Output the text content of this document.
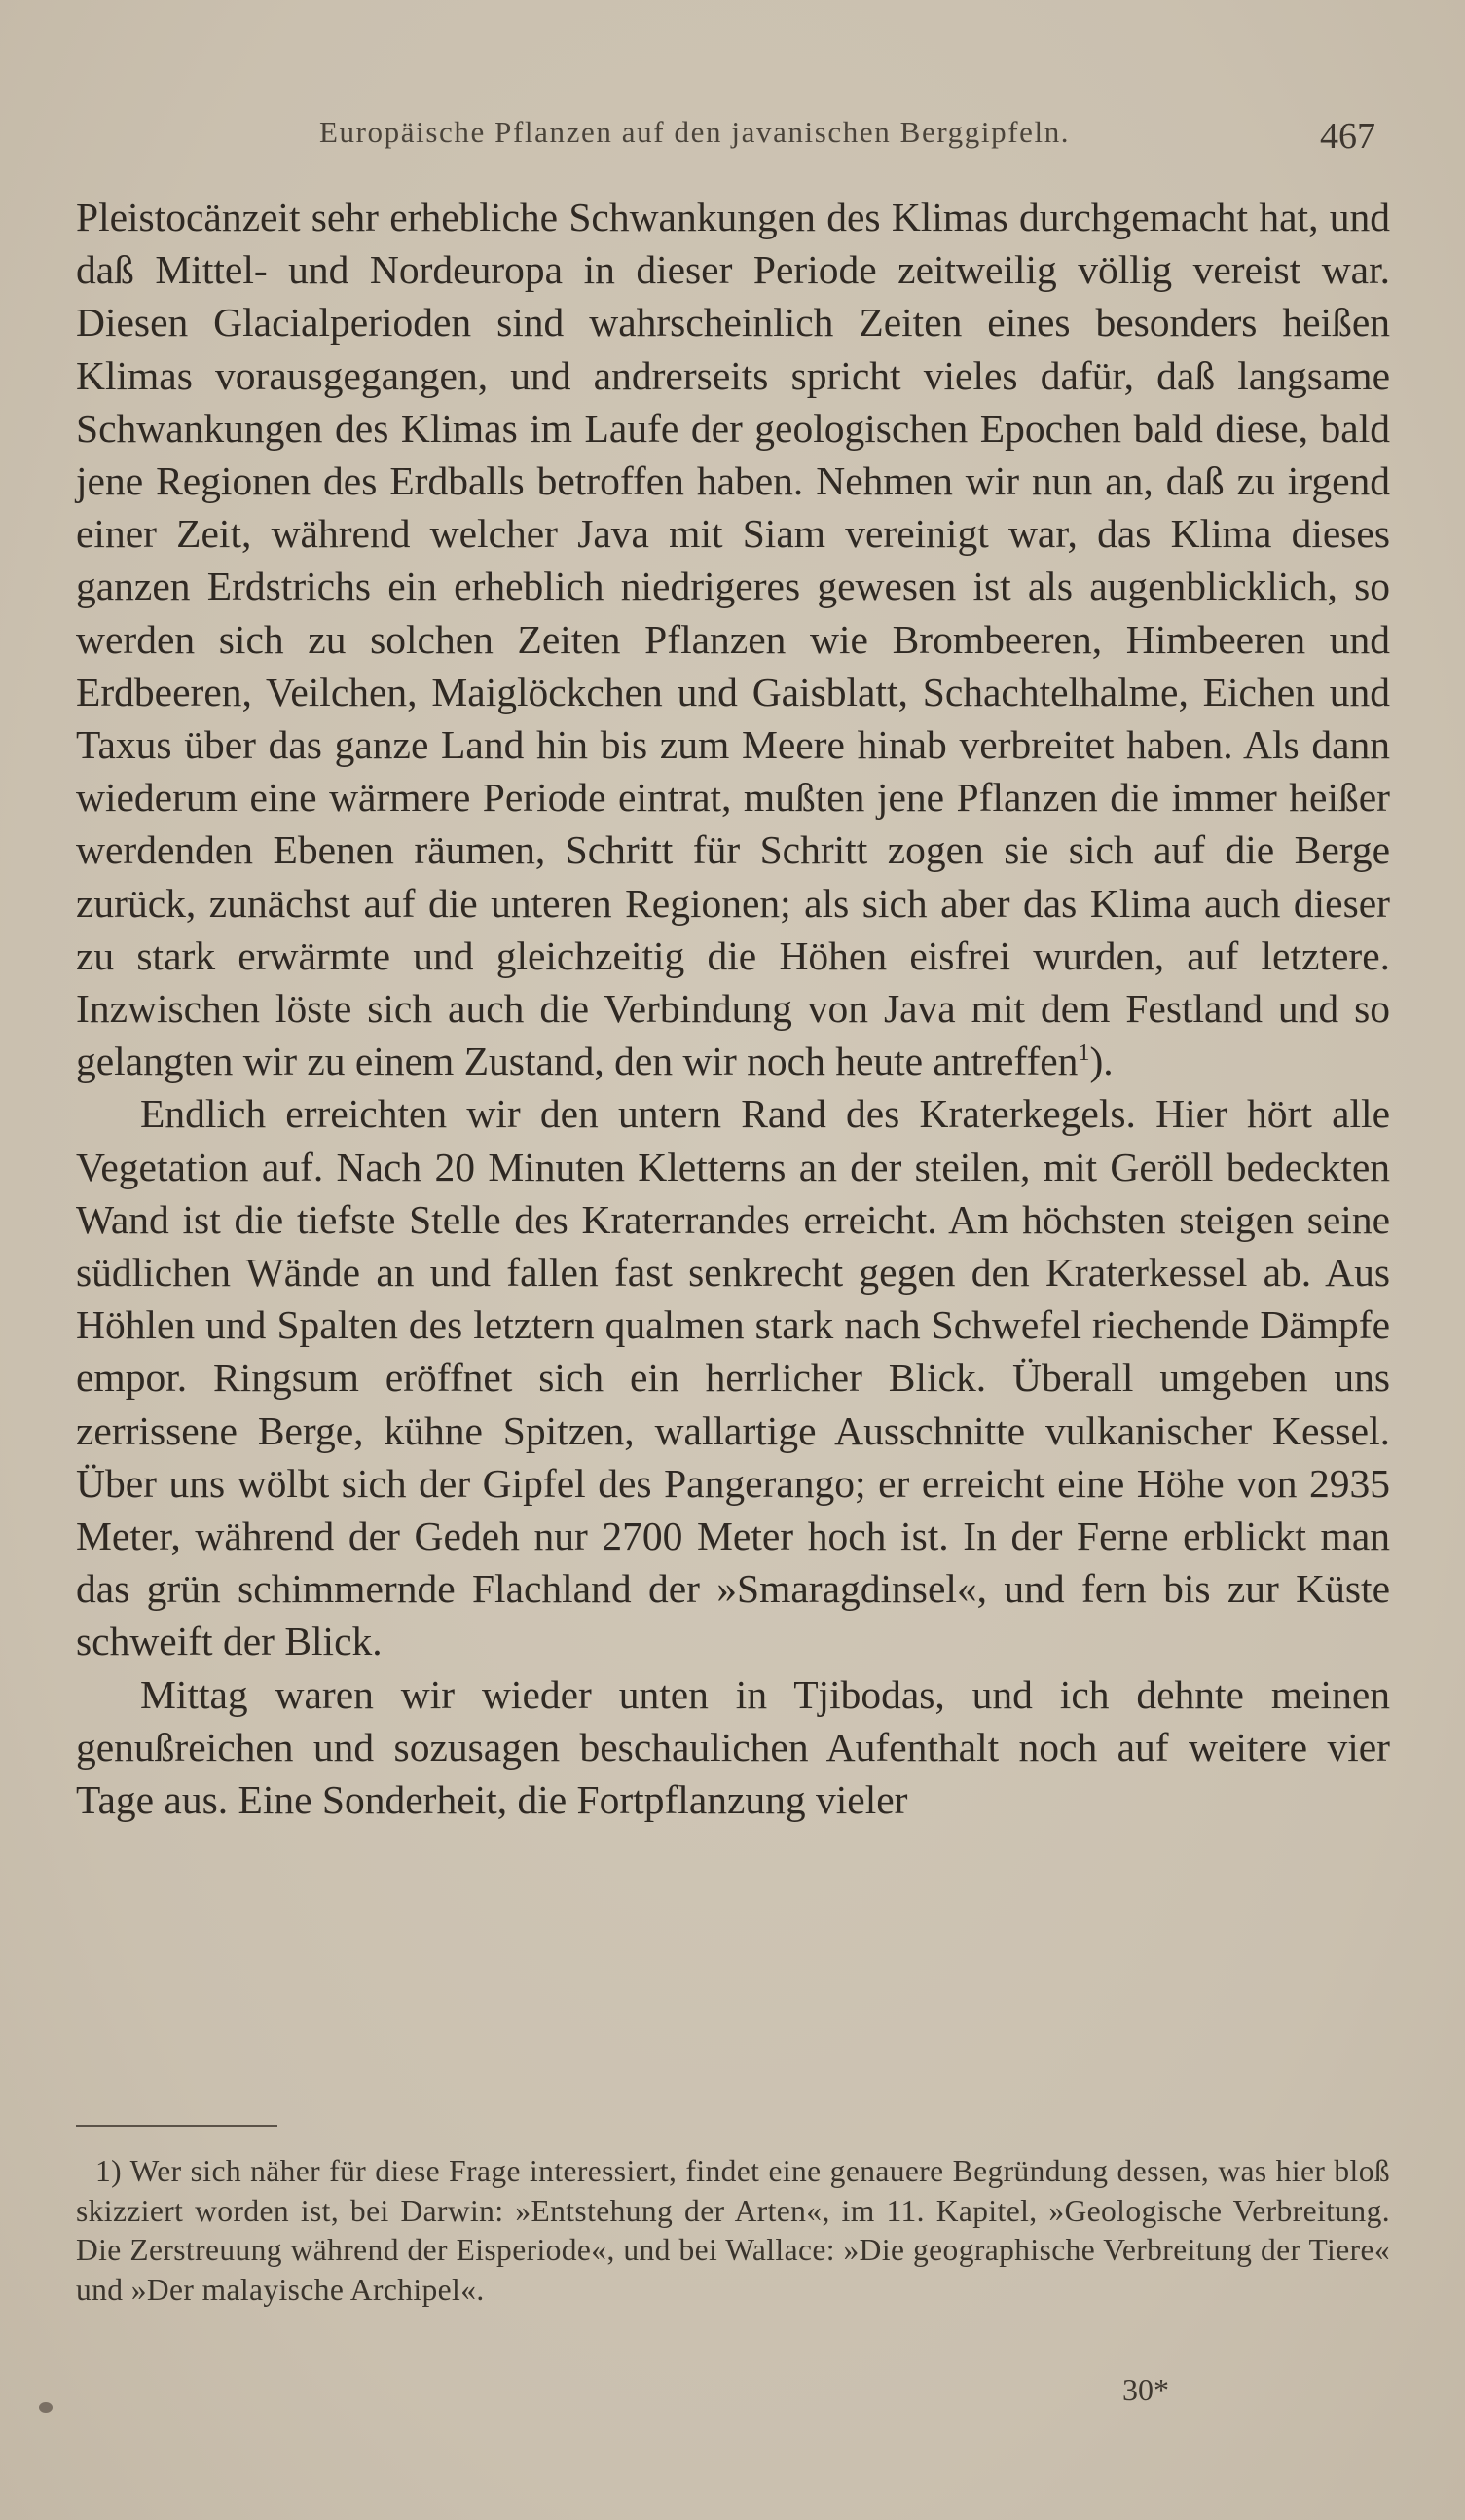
Europäische Pflanzen auf den javanischen Berggipfeln.	467

Pleistocänzeit sehr erhebliche Schwankungen des Klimas durchgemacht hat, und daß Mittel- und Nordeuropa in dieser Periode zeitweilig völlig vereist war. Diesen Glacialperioden sind wahrscheinlich Zeiten eines besonders heißen Klimas vorausgegangen, und andrerseits spricht vieles dafür, daß langsame Schwankungen des Klimas im Laufe der geologischen Epochen bald diese, bald jene Regionen des Erdballs betroffen haben. Nehmen wir nun an, daß zu irgend einer Zeit, während welcher Java mit Siam vereinigt war, das Klima dieses ganzen Erdstrichs ein erheblich niedrigeres gewesen ist als augenblicklich, so werden sich zu solchen Zeiten Pflanzen wie Brombeeren, Himbeeren und Erdbeeren, Veilchen, Maiglöckchen und Gaisblatt, Schachtelhalme, Eichen und Taxus über das ganze Land hin bis zum Meere hinab verbreitet haben. Als dann wiederum eine wärmere Periode eintrat, mußten jene Pflanzen die immer heißer werdenden Ebenen räumen, Schritt für Schritt zogen sie sich auf die Berge zurück, zunächst auf die unteren Regionen; als sich aber das Klima auch dieser zu stark erwärmte und gleichzeitig die Höhen eisfrei wurden, auf letztere. Inzwischen löste sich auch die Verbindung von Java mit dem Festland und so gelangten wir zu einem Zustand, den wir noch heute antreffen$^1$).

Endlich erreichten wir den untern Rand des Kraterkegels. Hier hört alle Vegetation auf. Nach 20 Minuten Kletterns an der steilen, mit Geröll bedeckten Wand ist die tiefste Stelle des Kraterrandes erreicht. Am höchsten steigen seine südlichen Wände an und fallen fast senkrecht gegen den Kraterkessel ab. Aus Höhlen und Spalten des letztern qualmen stark nach Schwefel riechende Dämpfe empor. Ringsum eröffnet sich ein herrlicher Blick. Überall umgeben uns zerrissene Berge, kühne Spitzen, wallartige Ausschnitte vulkanischer Kessel. Über uns wölbt sich der Gipfel des Pangerango; er erreicht eine Höhe von 2935 Meter, während der Gedeh nur 2700 Meter hoch ist. In der Ferne erblickt man das grün schimmernde Flachland der »Smaragdinsel«, und fern bis zur Küste schweift der Blick.

Mittag waren wir wieder unten in Tjibodas, und ich dehnte meinen genußreichen und sozusagen beschaulichen Aufenthalt noch auf weitere vier Tage aus. Eine Sonderheit, die Fortpflanzung vieler

1) Wer sich näher für diese Frage interessiert, findet eine genauere Begründung dessen, was hier bloß skizziert worden ist, bei Darwin: »Entstehung der Arten«, im 11. Kapitel, »Geologische Verbreitung. Die Zerstreuung während der Eisperiode«, und bei Wallace: »Die geographische Verbreitung der Tiere« und »Der malayische Archipel«.
30*
